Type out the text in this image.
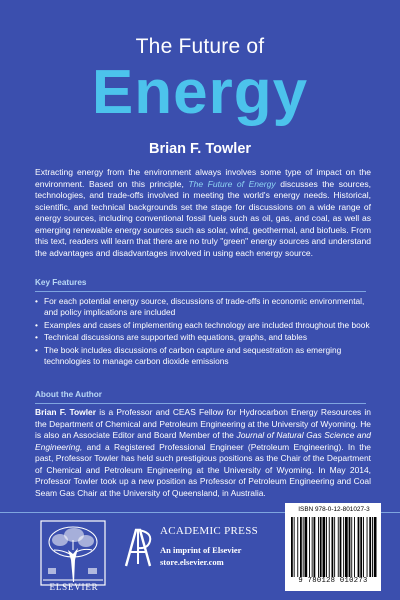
The Future of
Energy
Brian F. Towler

Extracting energy from the environment always involves some type of impact on the environment. Based on this principle, The Future of Energy discusses the sources, technologies, and trade-offs involved in meeting the world's energy needs. Historical, scientific, and technical backgrounds set the stage for discussions on a wide range of energy sources, including conventional fossil fuels such as oil, gas, and coal, as well as emerging renewable energy sources such as solar, wind, geothermal, and biofuels. From this text, readers will learn that there are no truly "green" energy sources and understand the advantages and disadvantages involved in using each energy source.

Key Features
• For each potential energy source, discussions of trade-offs in economic environmental, and policy implications are included
• Examples and cases of implementing each technology are included throughout the book
• Technical discussions are supported with equations, graphs, and tables
• The book includes discussions of carbon capture and sequestration as emerging technologies to manage carbon dioxide emissions
About the Author

Brian F. Towler is a Professor and CEAS Fellow for Hydrocarbon Energy Resources in the Department of Chemical and Petroleum Engineering at the University of Wyoming. He is also an Associate Editor and Board Member of the Journal of Natural Gas Science and Engineering, and a Registered Professional Engineer (Petroleum Engineering). In the past, Professor Towler has held such prestigious positions as the Chair of the Department of Chemical and Petroleum Engineering at the University of Wyoming. In May 2014, Professor Towler took up a new position as Professor of Petroleum Engineering and Coal Seam Gas Chair at the University of Queensland, in Australia.

ELSEVIER
ACADEMIC PRESS
An imprint of Elsevier
store.elsevier.com
ISBN 978-0-12-801027-3
9 780128 010273
